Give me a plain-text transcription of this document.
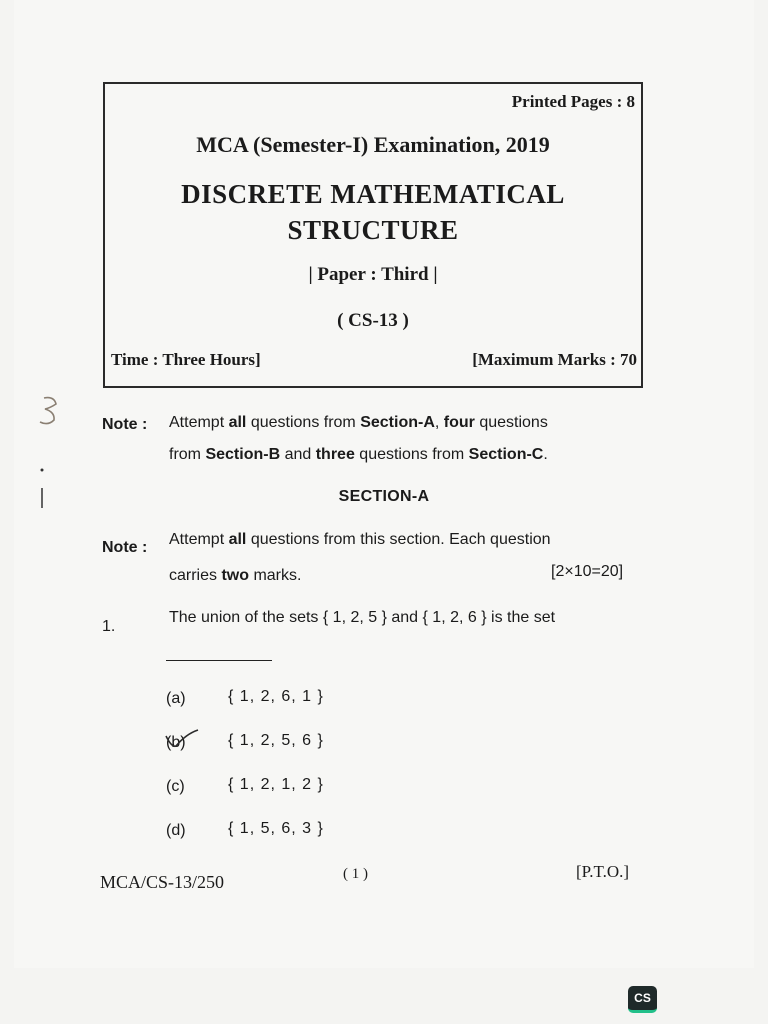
Printed Pages : 8
MCA (Semester-I) Examination, 2019
DISCRETE MATHEMATICAL
STRUCTURE
| Paper : Third |
( CS-13 )
Time : Three Hours]	[Maximum Marks : 70
Note : Attempt all questions from Section-A, four questions
from Section-B and three questions from Section-C.
SECTION-A
Note : Attempt all questions from this section. Each question
carries two marks.	[2×10=20]
1.
The union of the sets { 1, 2, 5 } and { 1, 2, 6 } is the set
(a)	{ 1, 2, 6, 1 }
(b)	{ 1, 2, 5, 6 }
(c)	{ 1, 2, 1, 2 }
(d)	{ 1, 5, 6, 3 }
MCA/CS-13/250	( 1 )	[P.T.O.]
CS
